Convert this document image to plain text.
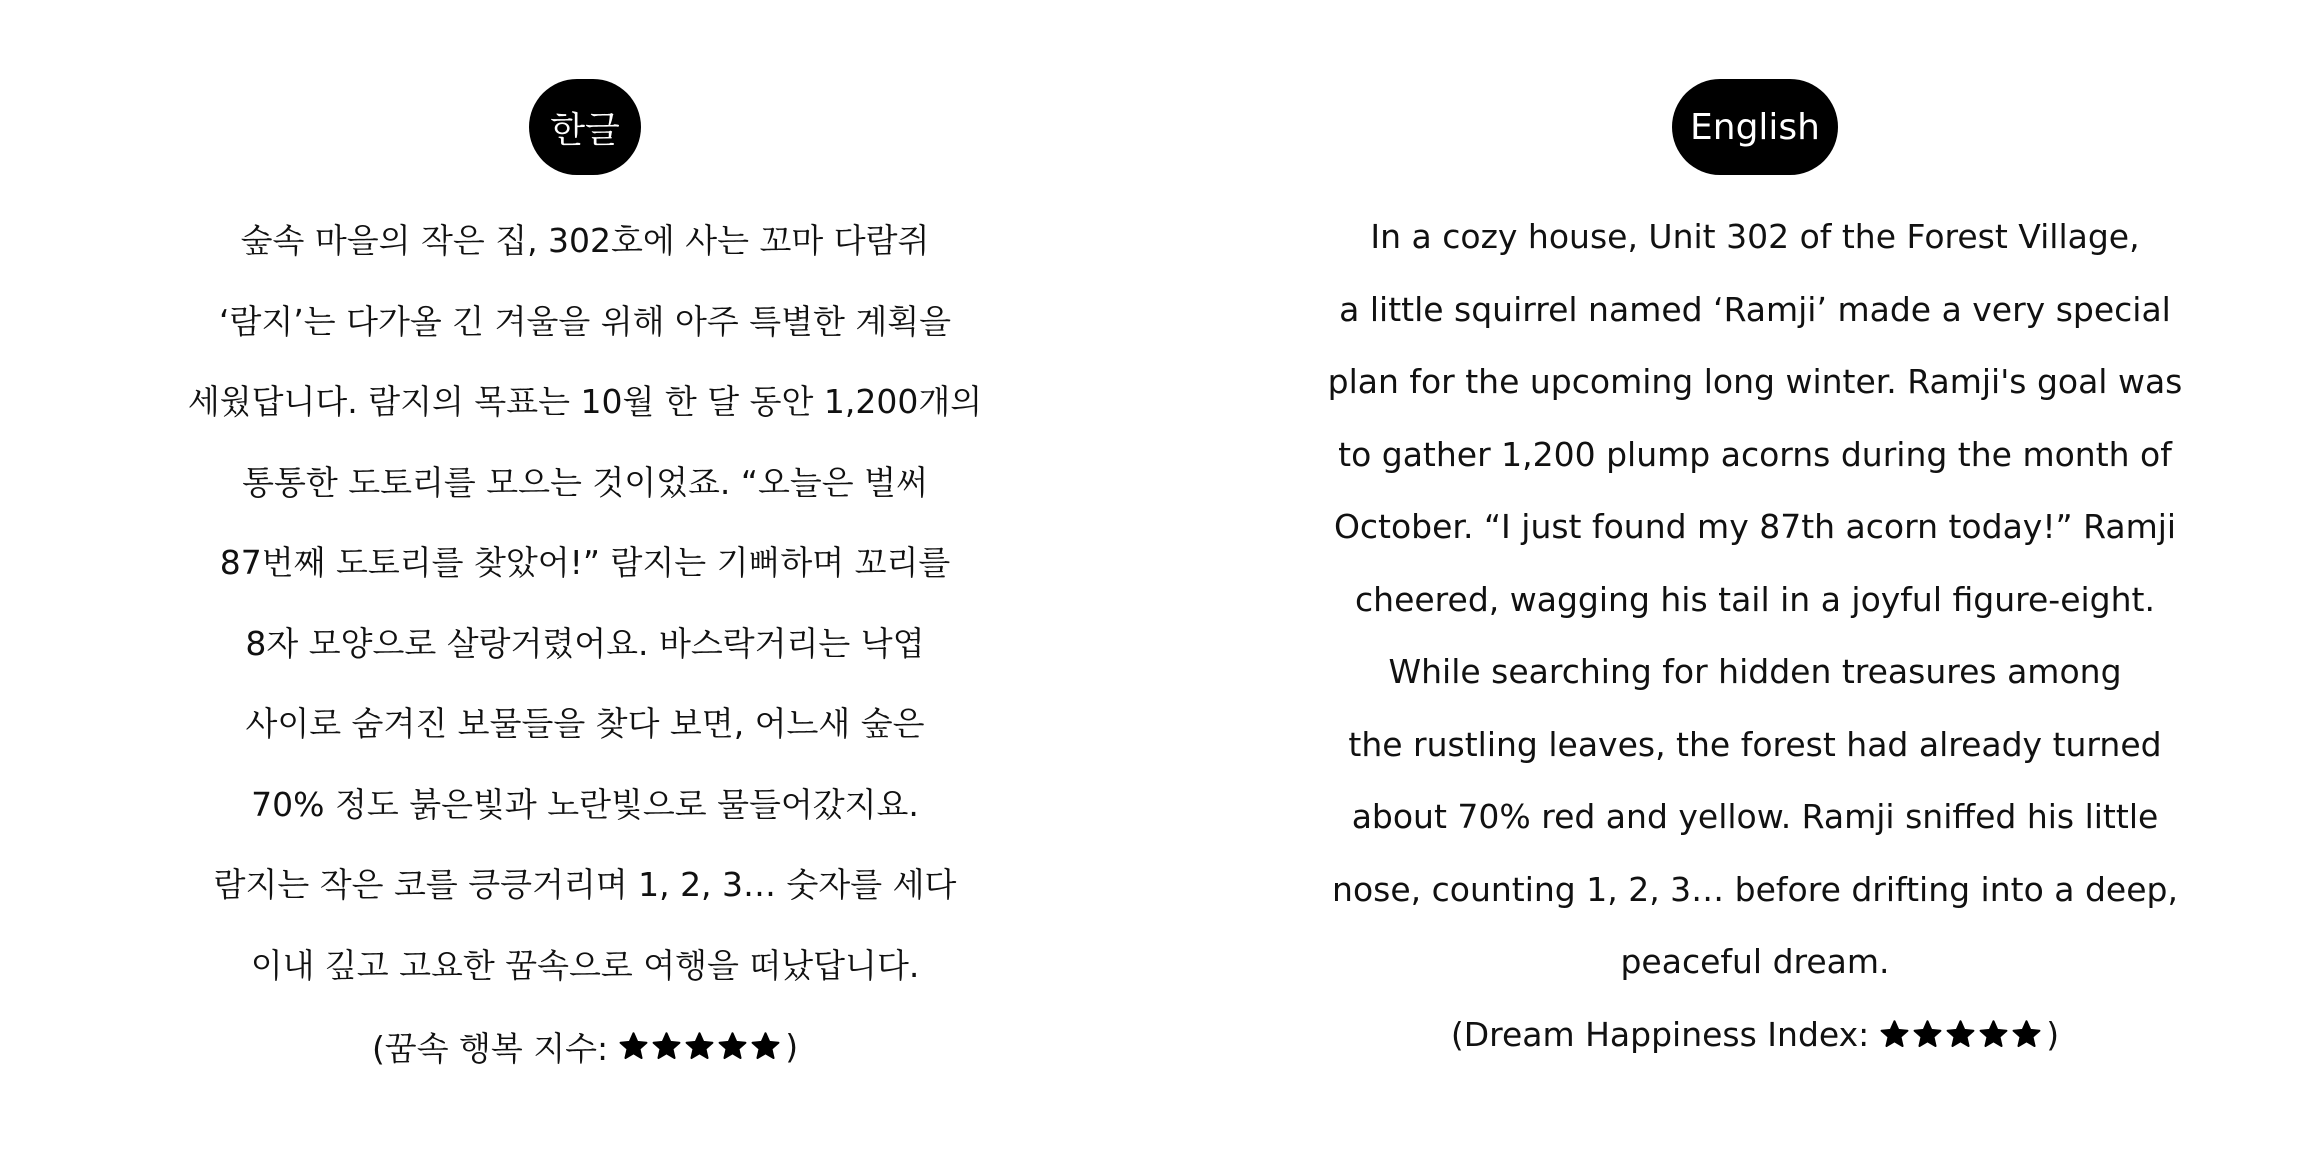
한글
숲속 마을의 작은 집, 302호에 사는 꼬마 다람쥐
‘람지’는 다가올 긴 겨울을 위해 아주 특별한 계획을
세웠답니다. 람지의 목표는 10월 한 달 동안 1,200개의
통통한 도토리를 모으는 것이었죠. “오늘은 벌써
87번째 도토리를 찾았어!” 람지는 기뻐하며 꼬리를
8자 모양으로 살랑거렸어요. 바스락거리는 낙엽
사이로 숨겨진 보물들을 찾다 보면, 어느새 숲은
70% 정도 붉은빛과 노란빛으로 물들어갔지요.
람지는 작은 코를 킁킁거리며 1, 2, 3… 숫자를 세다
이내 깊고 고요한 꿈속으로 여행을 떠났답니다.
(꿈속 행복 지수:	)
English
In a cozy house, Unit 302 of the Forest Village,
a little squirrel named ‘Ramji’ made a very special
plan for the upcoming long winter. Ramji's goal was
to gather 1,200 plump acorns during the month of
October. “I just found my 87th acorn today!” Ramji
cheered, wagging his tail in a joyful figure-eight.
While searching for hidden treasures among
the rustling leaves, the forest had already turned
about 70% red and yellow. Ramji sniffed his little
nose, counting 1, 2, 3… before drifting into a deep,
peaceful dream.
(Dream Happiness Index:	)
